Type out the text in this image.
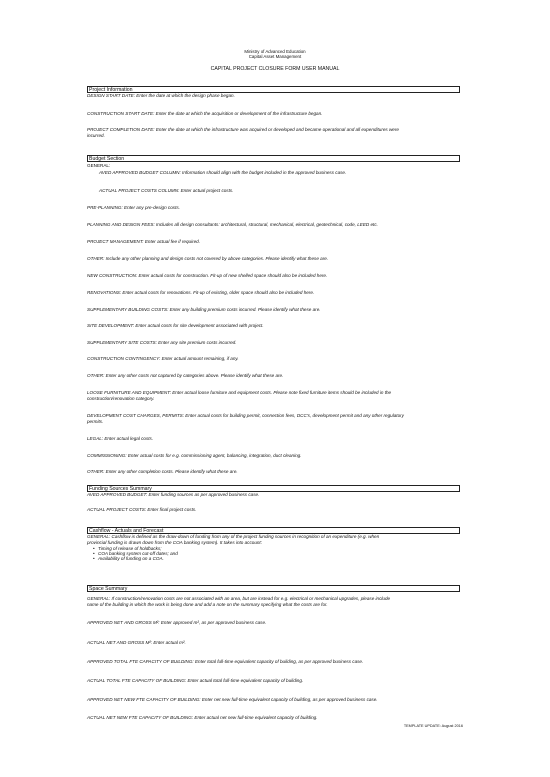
Ministry of Advanced Education
Capital Asset Management
CAPITAL PROJECT CLOSURE FORM USER MANUAL
Project Information
DESIGN START DATE: Enter the date at which the design phase began.
CONSTRUCTION START DATE: Enter the date at which the acquisition or development of the infrastructure began.
PROJECT COMPLETION DATE: Enter the date at which the infrastructure was acquired or developed and became operational and all expenditures were
incurred.
Budget Section
GENERAL:
AVED APPROVED BUDGET COLUMN: Information should align with the budget included in the approved business case.
ACTUAL PROJECT COSTS COLUMN: Enter actual project costs.
PRE-PLANNING: Enter any pre-design costs.
PLANNING AND DESIGN FEES: Includes all design consultants: architectural, structural, mechanical, electrical, geotechnical, code, LEED etc.
PROJECT MANAGEMENT: Enter actual fee if required.
OTHER: Include any other planning and design costs not covered by above categories. Please identify what these are.
NEW CONSTRUCTION: Enter actual costs for construction. Fit-up of new shelled space should also be included here.
RENOVATIONS: Enter actual costs for renovations. Fit-up of existing, older space should also be included here.
SUPPLEMENTARY BUILDING COSTS: Enter any building premium costs incurred. Please identify what these are.
SITE DEVELOPMENT: Enter actual costs for site development associated with project.
SUPPLEMENTARY SITE COSTS: Enter any site premium costs incurred.
CONSTRUCTION CONTINGENCY: Enter actual amount remaining, if any.
OTHER: Enter any other costs not captured by categories above. Please identify what these are.
LOOSE FURNITURE AND EQUIPMENT: Enter actual loose furniture and equipment costs. Please note fixed furniture items should be included in the
construction/renovation category.
DEVELOPMENT COST CHARGES, PERMITS: Enter actual costs for building permit, connection fees, DCC's, development permit and any other regulatory
permits.
LEGAL: Enter actual legal costs.
COMMISSIONING: Enter actual costs for e.g. commissioning agent, balancing, integration, duct cleaning.
OTHER: Enter any other completion costs. Please identify what these are.
Funding Sources Summary
AVED APPROVED BUDGET: Enter funding sources as per approved business case.
ACTUAL PROJECT COSTS: Enter final project costs.
Cashflow - Actuals and Forecast
GENERAL: Cashflow is defined as the draw-down of funding from any of the project funding sources in recognition of an expenditure (e.g. when
provincial funding is drawn down from the COA banking system). It takes into account:
• Timing of release of holdbacks;
• COA banking system cut-off dates; and
• Availability of funding on a COA.
Space Summary
GENERAL: If construction/renovation costs are not associated with an area, but are instead for e.g. electrical or mechanical upgrades, please include
name of the building in which the work is being done and add a note on the summary specifying what the costs are for.
APPROVED NET AND GROSS M²: Enter approved m², as per approved business case.
ACTUAL NET AND GROSS M²: Enter actual m².
APPROVED TOTAL FTE CAPACITY OF BUILDING: Enter total full-time equivalent capacity of building, as per approved business case.
ACTUAL TOTAL FTE CAPACITY OF BUILDING: Enter actual total full-time equivalent capacity of building.
APPROVED NET NEW FTE CAPACITY OF BUILDING: Enter net new full-time equivalent capacity of building, as per approved business case.
ACTUAL NET NEW FTE CAPACITY OF BUILDING: Enter actual net new full-time equivalent capacity of building.
TEMPLATE UPDATE: August 2016
